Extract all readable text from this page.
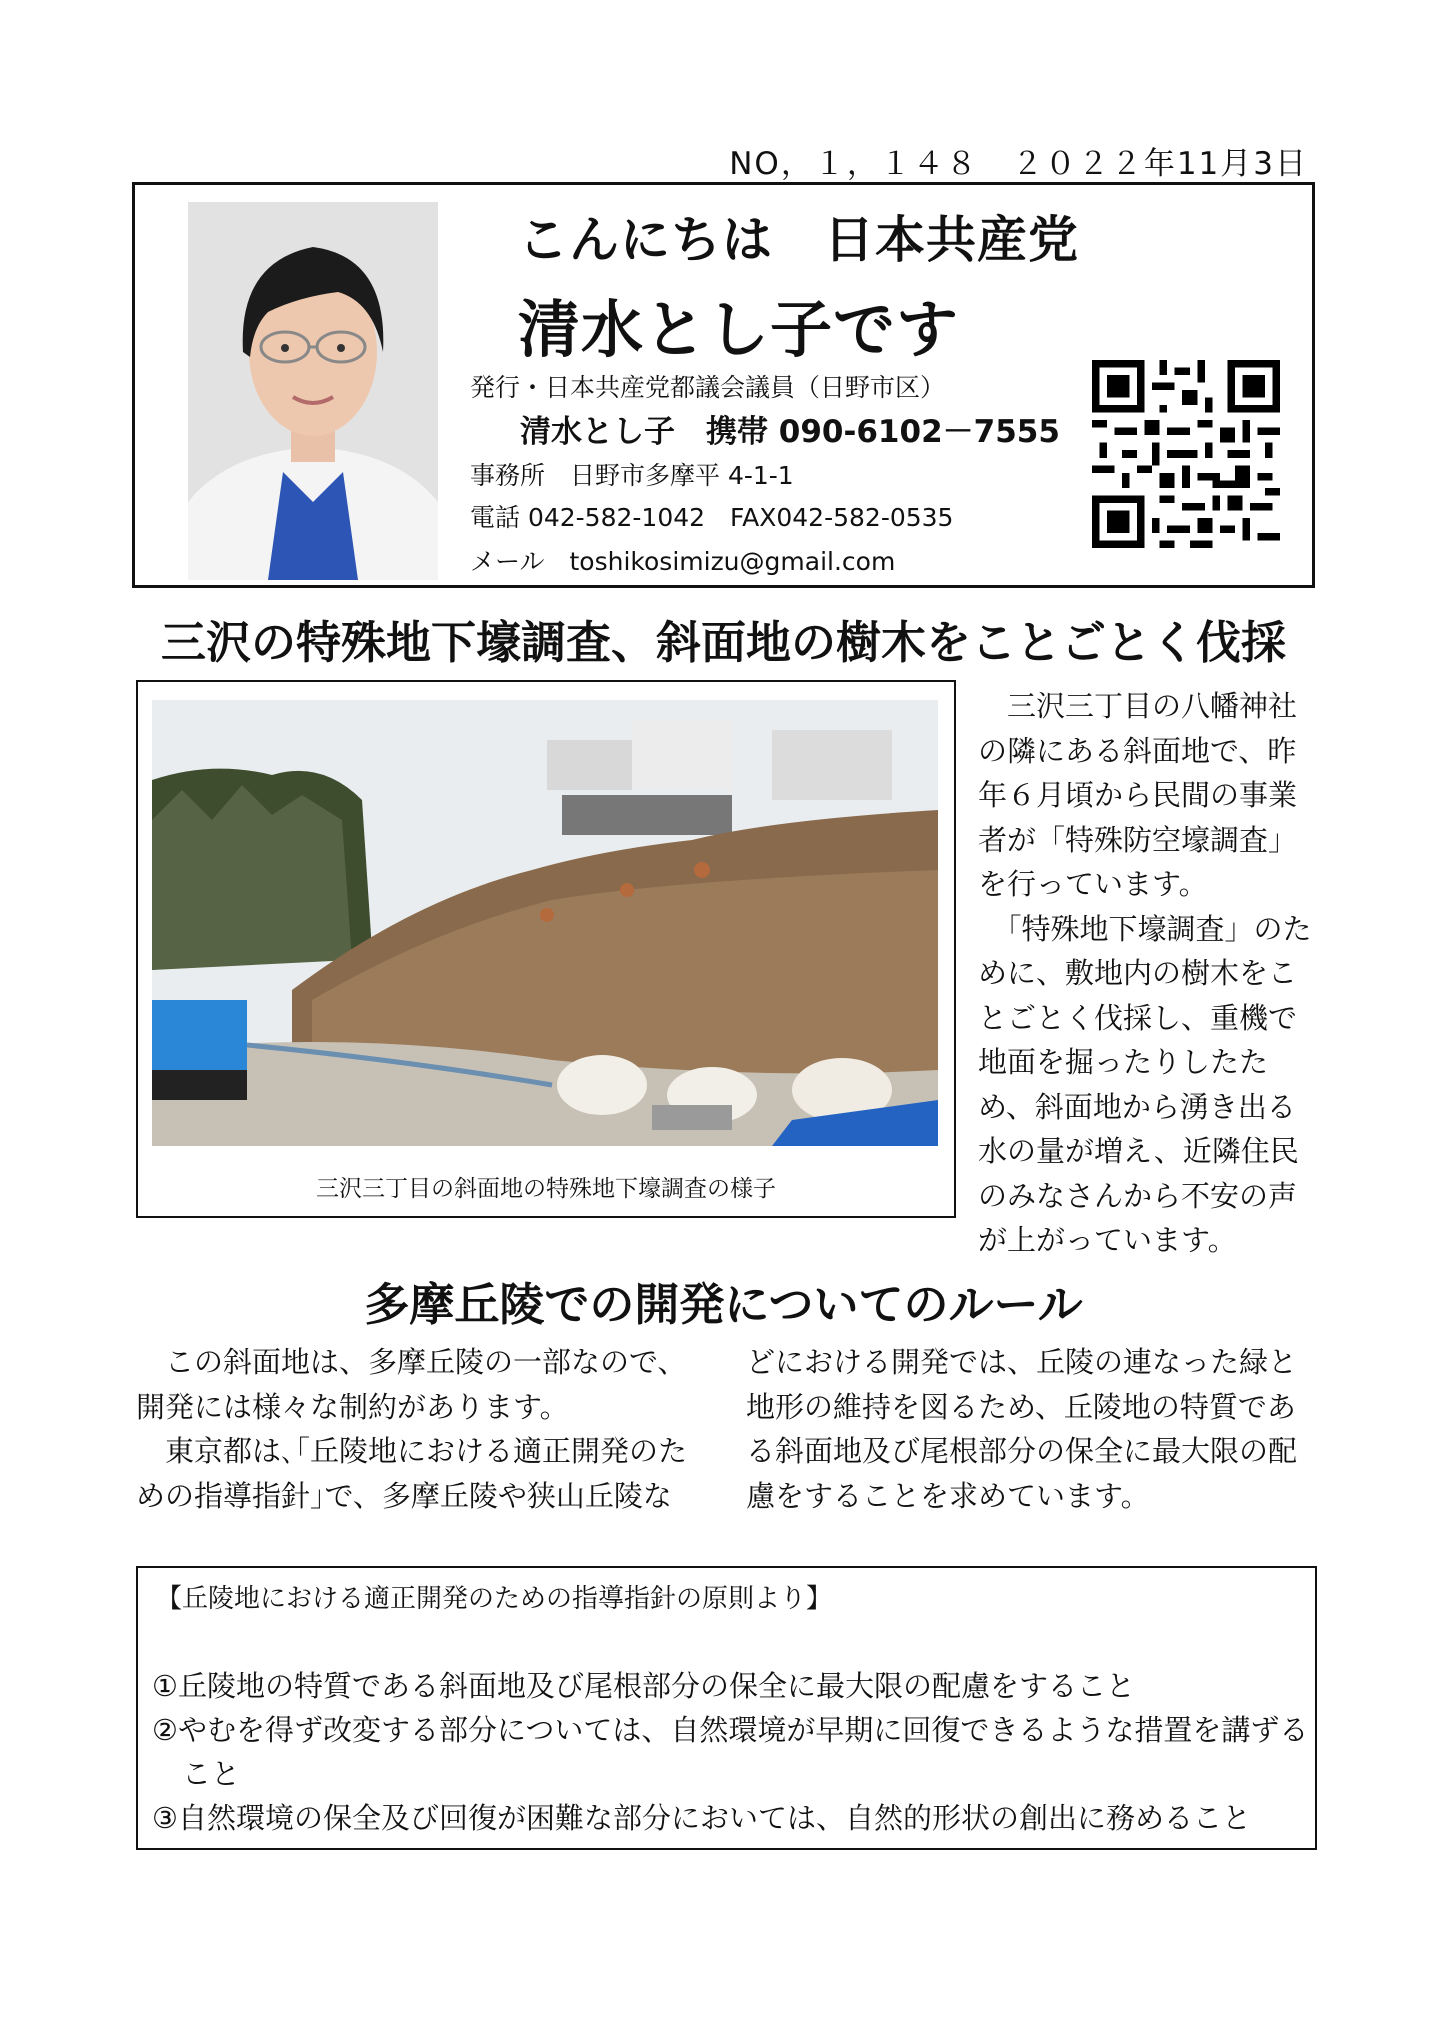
NO，１，１４８　２０２２年11月3日
こんにちは　日本共産党
清水とし子です
発行・日本共産党都議会議員（日野市区）
清水とし子　携帯 090-6102－7555
事務所　日野市多摩平 4-1-1
電話 042-582-1042　FAX042-582-0535
メール　toshikosimizu@gmail.com
三沢の特殊地下壕調査、斜面地の樹木をことごとく伐採
三沢三丁目の斜面地の特殊地下壕調査の様子

　三沢三丁目の八幡神社の隣にある斜面地で、昨年６月頃から民間の事業者が「特殊防空壕調査」を行っています。

　「特殊地下壕調査」のために、敷地内の樹木をことごとく伐採し、重機で地面を掘ったりしたため、斜面地から湧き出る水の量が増え、近隣住民のみなさんから不安の声が上がっています。

多摩丘陵での開発についてのルール

　この斜面地は、多摩丘陵の一部なので、開発には様々な制約があります。

　東京都は､｢丘陵地における適正開発のための指導指針｣で、多摩丘陵や狭山丘陵な

どにおける開発では、丘陵の連なった緑と地形の維持を図るため、丘陵地の特質である斜面地及び尾根部分の保全に最大限の配慮をすることを求めています。

【丘陵地における適正開発のための指導指針の原則より】
①丘陵地の特質である斜面地及び尾根部分の保全に最大限の配慮をすること
②やむを得ず改変する部分については、自然環境が早期に回復できるような措置を講ずること
③自然環境の保全及び回復が困難な部分においては、自然的形状の創出に務めること
